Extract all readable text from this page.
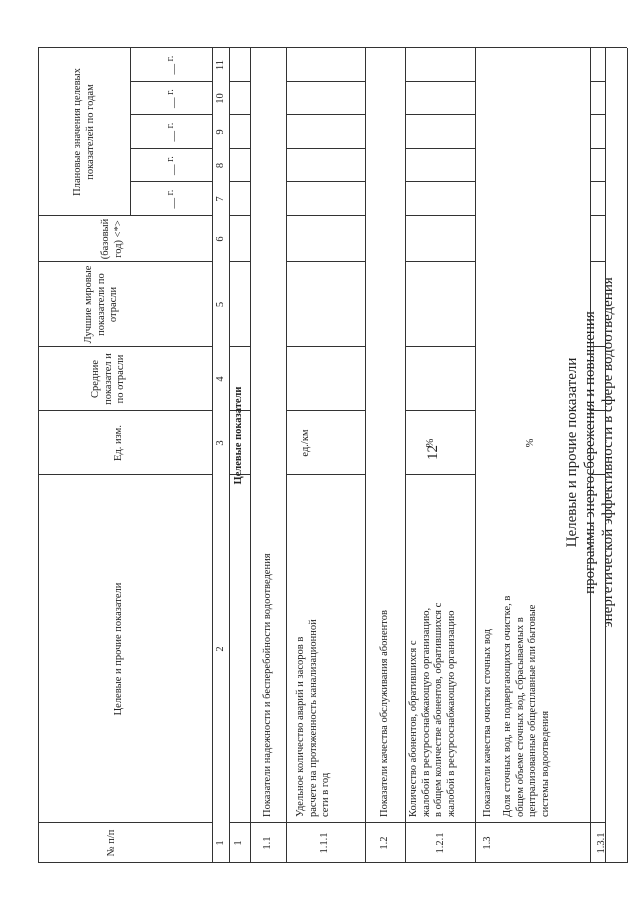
12	Целевые и прочие показатели программы энергосбережения и повышения энергетической эффективности в сфере водоотведения
№ п/п
Целевые и прочие показатели
Ед. изм.
Средние показател и по отрасли
Лучшие мировые показатели по отрасли
(базовый год) <*>
Плановые значения целевых показателей по годам
__ г.
__ г.
__ г.
__ г.
__ г.
1
2
3
4
5
6
7
8
9
10
11
1
Целевые показатели
1.1
Показатели надежности и бесперебойности водоотведения
1.1.1
Удельное количество аварий и засоров в расчете на протяженность канализационной сети в год
ед./км
1.2
Показатели качества обслуживания абонентов
1.2.1
Количество абонентов, обратившихся с жалобой в ресурсоснабжающую организацию, в общем количестве абонентов, обратившихся с жалобой в ресурсоснабжающую организацию
%
1.3
Показатели качества очистки сточных вод
1.3.1
Доля сточных вод, не подвергающихся очистке, в общем объеме сточных вод, сбрасываемых в централизованные общесплавные или бытовые системы водоотведения
%
